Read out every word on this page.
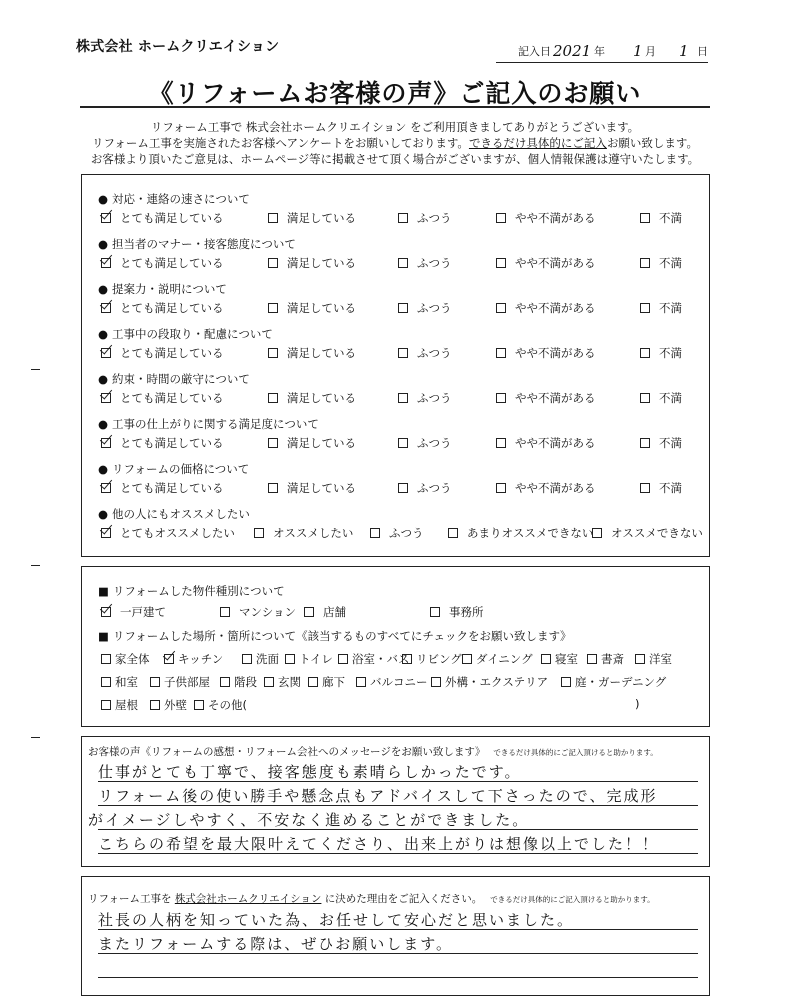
株式会社 ホームクリエイション	記入日 2021 年 1 月 1 日
《リフォームお客様の声》ご記入のお願い
リフォーム工事で 株式会社ホームクリエイション をご利用頂きましてありがとうございます。
リフォーム工事を実施されたお客様へアンケートをお願いしております。できるだけ具体的にご記入お願い致します。
お客様より頂いたご意見は、ホームページ等に掲載させて頂く場合がございますが、個人情報保護は遵守いたします。
● 対応・連絡の速さについて
とても満足している	満足している	ふつう	やや不満がある	不満
● 担当者のマナー・接客態度について
とても満足している	満足している	ふつう	やや不満がある	不満
● 提案力・説明について
とても満足している	満足している	ふつう	やや不満がある	不満
● 工事中の段取り・配慮について
とても満足している	満足している	ふつう	やや不満がある	不満
● 約束・時間の厳守について
とても満足している	満足している	ふつう	やや不満がある	不満
● 工事の仕上がりに関する満足度について
とても満足している	満足している	ふつう	やや不満がある	不満
● リフォームの価格について
とても満足している	満足している	ふつう	やや不満がある	不満
● 他の人にもオススメしたい
とてもオススメしたい	オススメしたい	ふつう	あまりオススメできない	オススメできない
■ リフォームした物件種別について
一戸建て	マンション	店舗	事務所
■ リフォームした場所・箇所について《該当するものすべてにチェックをお願い致します》
家全体	キッチン	洗面	トイレ	浴室・バス リビング	ダイニング	寝室	書斎	洋室
和室	子供部屋	階段	玄関	廊下	バルコニー	外構・エクステリア	庭・ガーデニング
屋根	外壁	その他(	)
お客様の声《リフォームの感想・リフォーム会社へのメッセージをお願い致します》 できるだけ具体的にご記入頂けると助かります。
仕事がとても丁寧で、接客態度も素晴らしかったです。
リフォーム後の使い勝手や懸念点もアドバイスして下さったので、完成形
がイメージしやすく、不安なく進めることができました。
こちらの希望を最大限叶えてくださり、出来上がりは想像以上でした！！
リフォーム工事を 株式会社ホームクリエイション に決めた理由をご記入ください。 できるだけ具体的にご記入頂けると助かります。
社長の人柄を知っていた為、お任せして安心だと思いました。
またリフォームする際は、ぜひお願いします。
